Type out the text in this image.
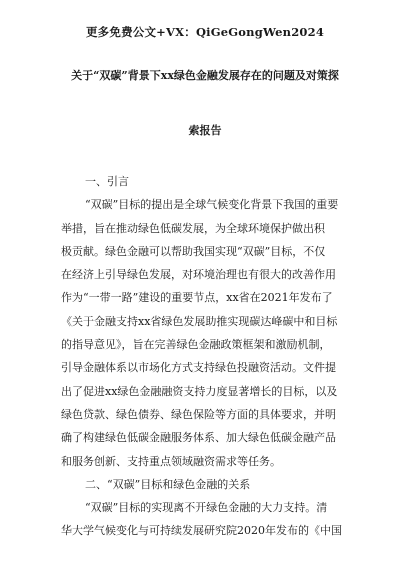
更多免费公文+VX：QiGeGongWen2024
关于“双碳”背景下xx绿色金融发展存在的问题及对策探
索报告
一、引言
“双碳”目标的提出是全球气候变化背景下我国的重要
举措，旨在推动绿色低碳发展，为全球环境保护做出积
极贡献。绿色金融可以帮助我国实现“双碳”目标，不仅
在经济上引导绿色发展，对环境治理也有很大的改善作用
作为“一带一路”建设的重要节点，xx省在2021年发布了
《关于金融支持xx省绿色发展助推实现碳达峰碳中和目标
的指导意见》，旨在完善绿色金融政策框架和激励机制，
引导金融体系以市场化方式支持绿色投融资活动。文件提
出了促进xx绿色金融融资支持力度显著增长的目标，以及
绿色贷款、绿色债券、绿色保险等方面的具体要求，并明
确了构建绿色低碳金融服务体系、加大绿色低碳金融产品
和服务创新、支持重点领域融资需求等任务。
二、“双碳”目标和绿色金融的关系
“双碳”目标的实现离不开绿色金融的大力支持。清
华大学气候变化与可持续发展研究院2020年发布的《中国
